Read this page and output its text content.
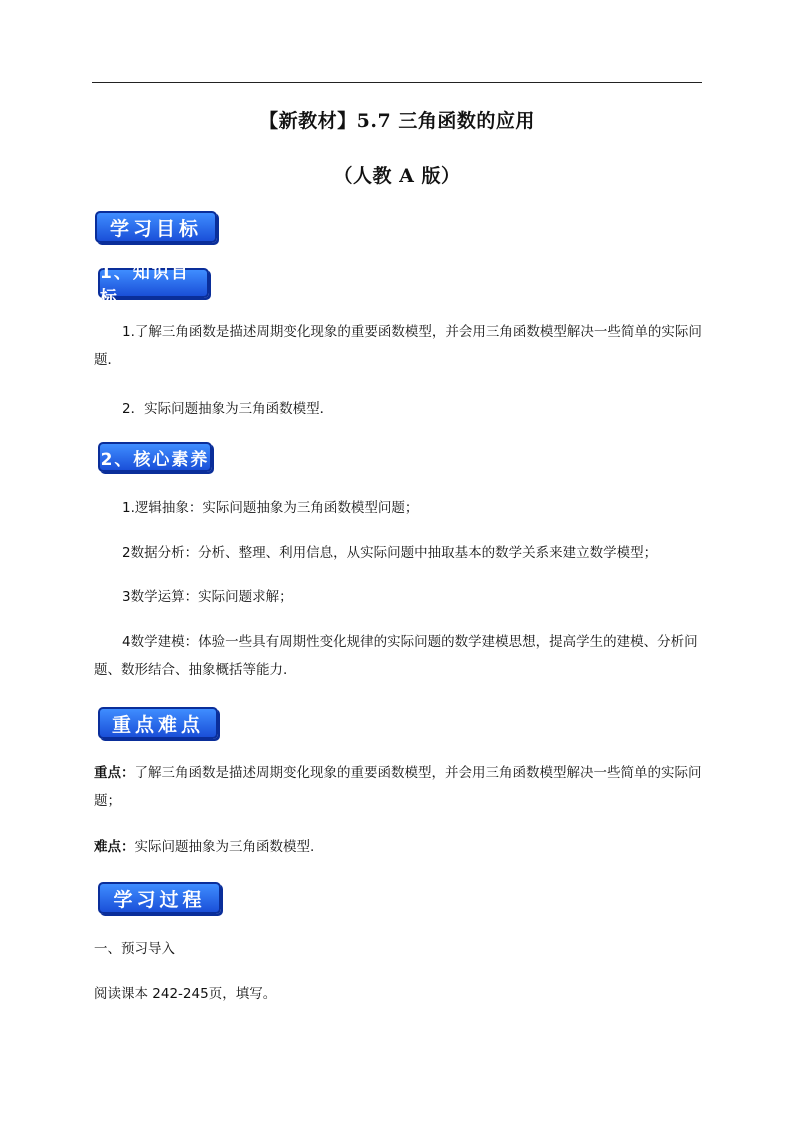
【新教材】5.7 三角函数的应用
（人教 A 版）
学习目标
1、知识目标
1.了解三角函数是描述周期变化现象的重要函数模型，并会用三角函数模型解决一些简单的实际问题．
2．实际问题抽象为三角函数模型．
2、核心素养
1.逻辑抽象：实际问题抽象为三角函数模型问题；
2数据分析：分析、整理、利用信息，从实际问题中抽取基本的数学关系来建立数学模型；
3数学运算：实际问题求解；
4数学建模：体验一些具有周期性变化规律的实际问题的数学建模思想，提高学生的建模、分析问题、数形结合、抽象概括等能力.
重点难点
重点：了解三角函数是描述周期变化现象的重要函数模型，并会用三角函数模型解决一些简单的实际问题；
难点：实际问题抽象为三角函数模型.
学习过程
一、预习导入
阅读课本 242-245页，填写。
